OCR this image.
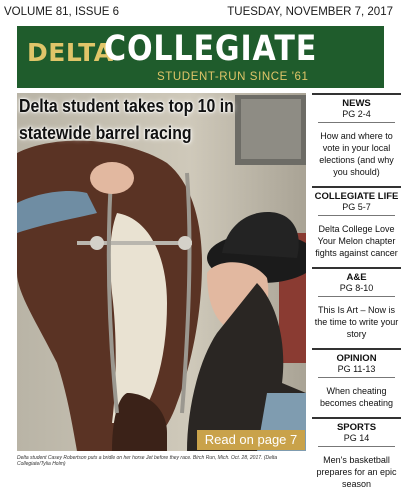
VOLUME 81, ISSUE 6	TUESDAY, NOVEMBER 7, 2017
DELTA
COLLEGIATE
STUDENT-RUN SINCE '61
Delta student takes top 10 in statewide barrel racing
Read on page 7
Delta student Casey Robertson puts a bridle on her horse Jet before they race. Birch Run, Mich. Oct. 28, 2017. (Delta Collegiate/Tylia Holm)
NEWS
PG 2-4
How and where to vote in your local elections (and why you should)
COLLEGIATE LIFE
PG 5-7
Delta College Love Your Melon chapter fights against cancer
A&E
PG 8-10
This Is Art – Now is the time to write your story
OPINION
PG 11-13
When cheating becomes cheating
SPORTS
PG 14
Men's basketball prepares for an epic season
